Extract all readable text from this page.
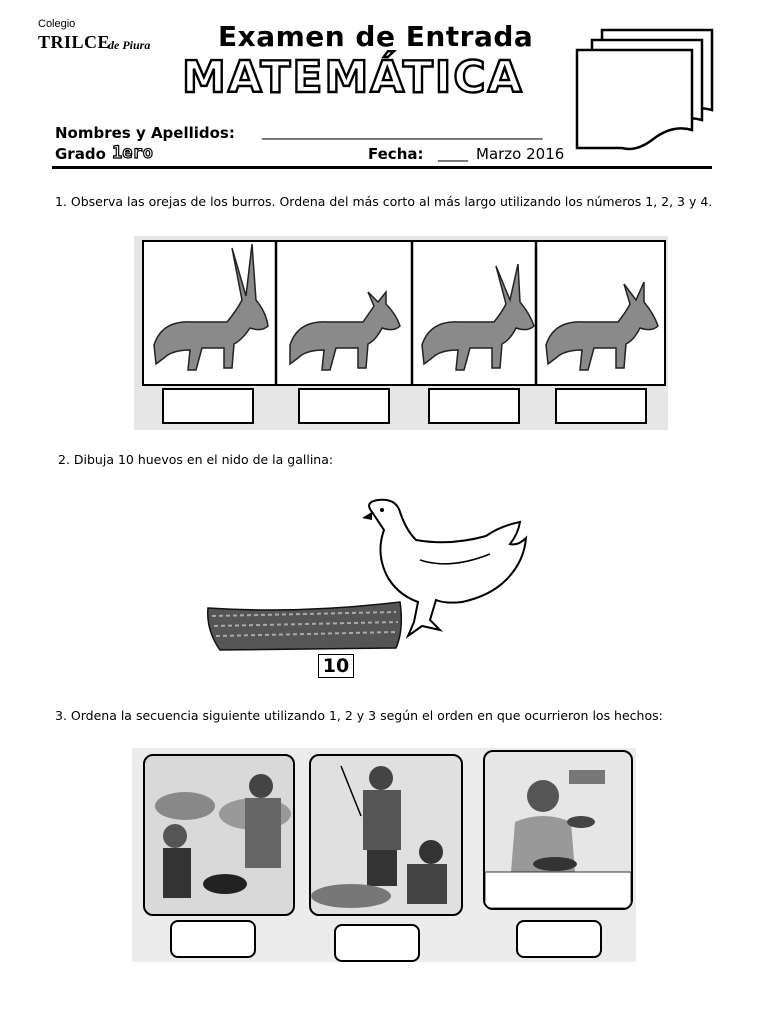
Colegio
TRILCE
de Piura Examen de Entrada
MATEMÁTICA
Nombres y Apellidos: ________________________________________
Grado 1ero	Fecha: ____ Marzo 2016
1. Observa las orejas de los burros. Ordena del más corto al más largo utilizando los números 1, 2, 3 y 4.
2. Dibuja 10 huevos en el nido de la gallina:
10
3. Ordena la secuencia siguiente utilizando 1, 2 y 3 según el orden en que ocurrieron los hechos:
